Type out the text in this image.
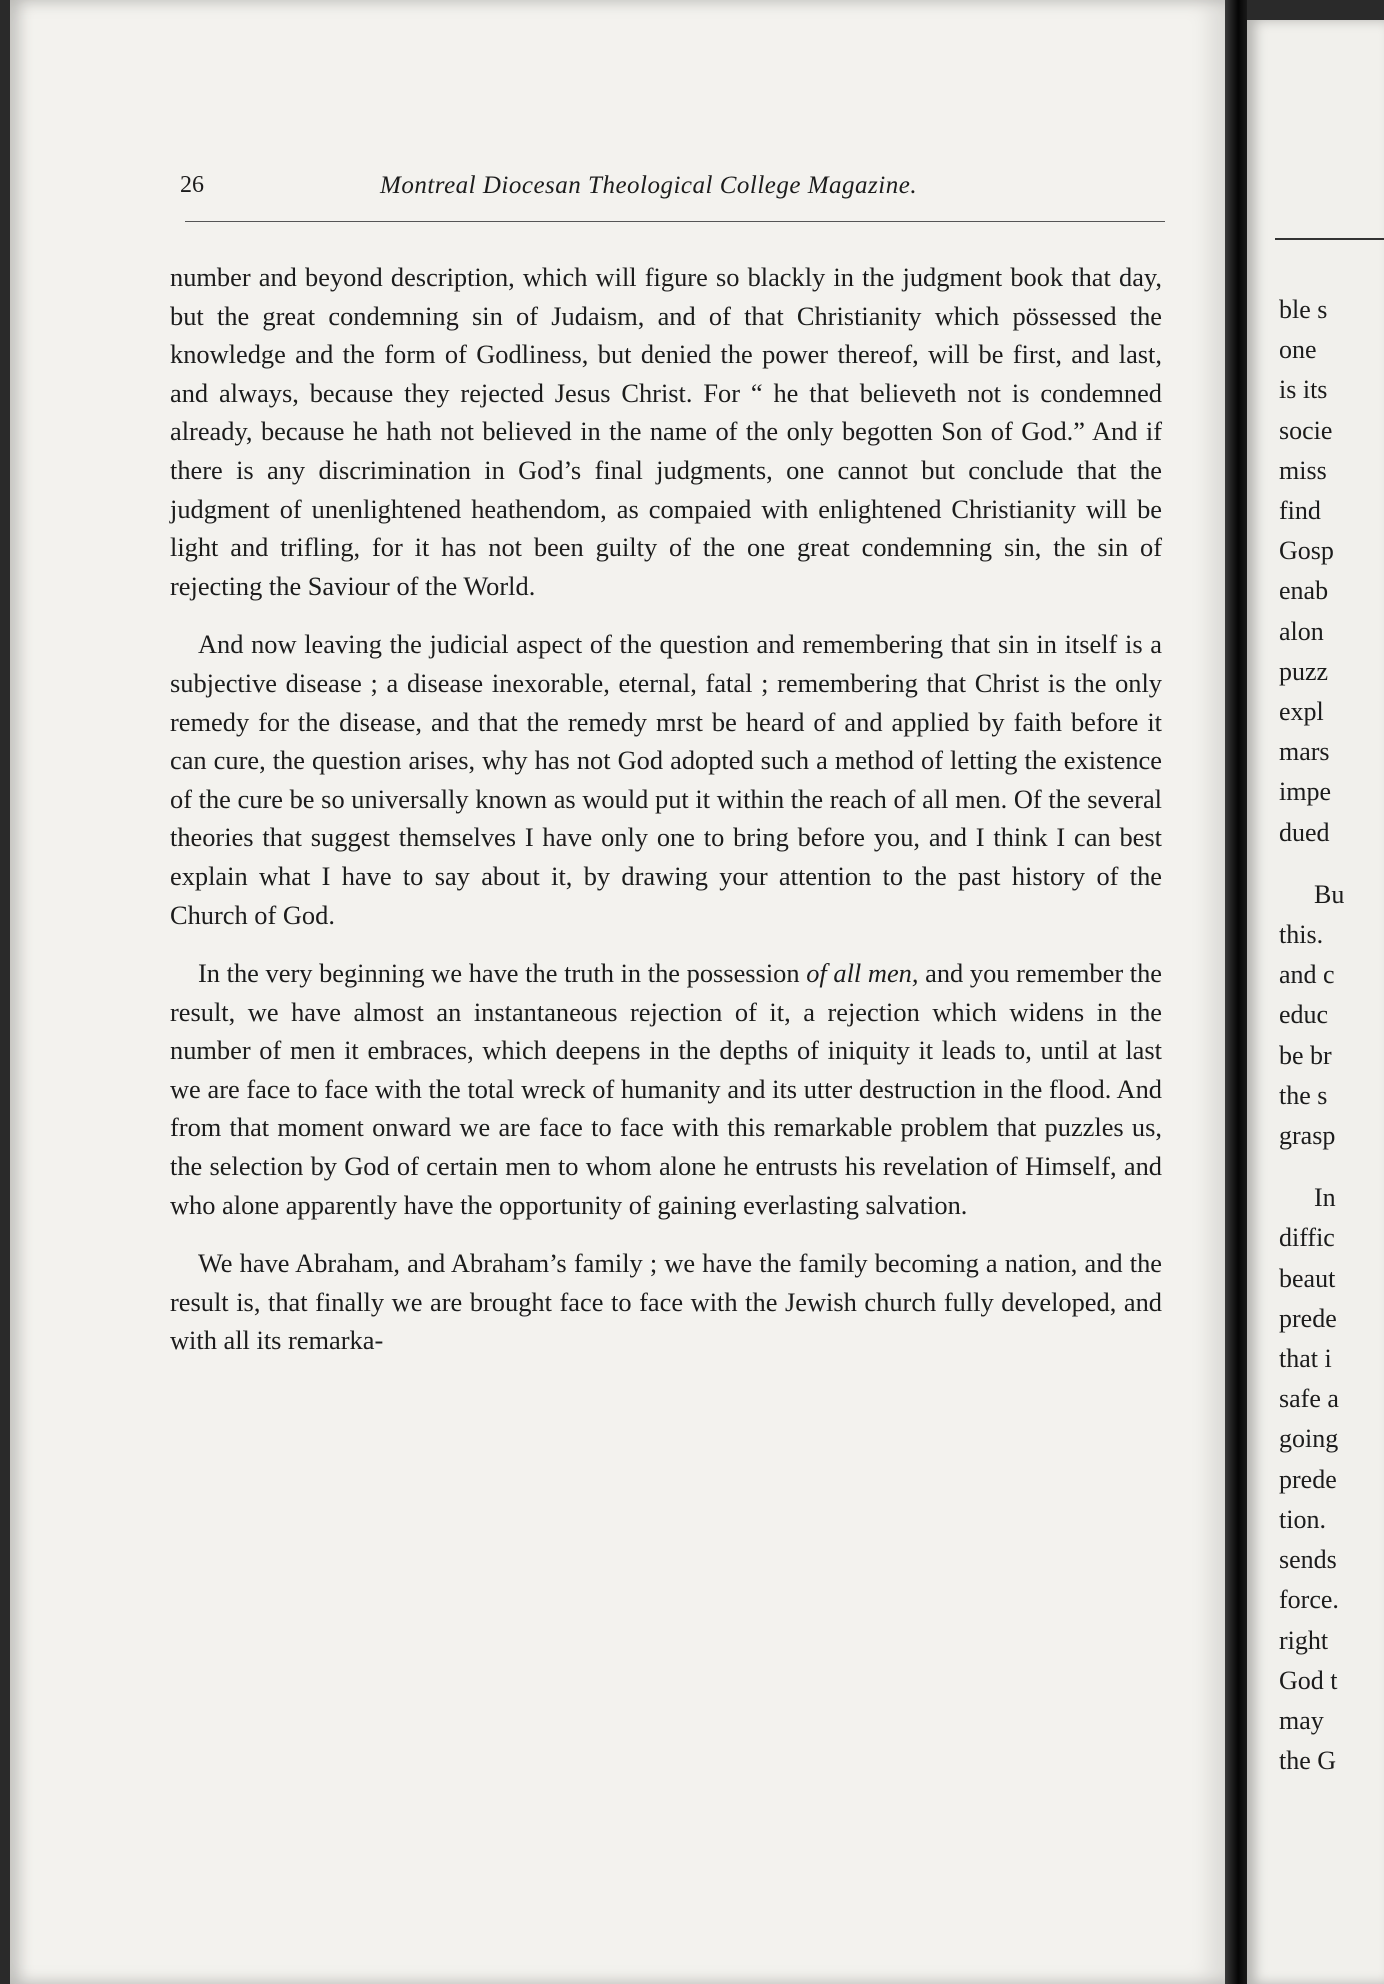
26	Montreal Diocesan Theological College Magazine.

number and beyond description, which will figure so blackly in the judgment book that day, but the great condemning sin of Judaism, and of that Christianity which pössessed the knowledge and the form of Godliness, but denied the power thereof, will be first, and last, and always, because they rejected Jesus Christ. For “ he that believeth not is condemned already, because he hath not believed in the name of the only begotten Son of God.” And if there is any discrimination in God’s final judgments, one cannot but conclude that the judgment of unenlightened heathendom, as compaied with enlightened Christianity will be light and trifling, for it has not been guilty of the one great condemning sin, the sin of rejecting the Saviour of the World.

And now leaving the judicial aspect of the question and remembering that sin in itself is a subjective disease ; a disease inexorable, eternal, fatal ; remembering that Christ is the only remedy for the disease, and that the remedy mrst be heard of and applied by faith before it can cure, the question arises, why has not God adopted such a method of letting the existence of the cure be so universally known as would put it within the reach of all men. Of the several theories that suggest themselves I have only one to bring before you, and I think I can best explain what I have to say about it, by drawing your attention to the past history of the Church of God.

In the very beginning we have the truth in the possession of all men, and you remember the result, we have almost an instantaneous rejection of it, a rejection which widens in the number of men it embraces, which deepens in the depths of iniquity it leads to, until at last we are face to face with the total wreck of humanity and its utter destruction in the flood. And from that moment onward we are face to face with this remarkable problem that puzzles us, the selection by God of certain men to whom alone he entrusts his revelation of Himself, and who alone apparently have the opportunity of gaining everlasting salvation.

We have Abraham, and Abraham’s family ; we have the family becoming a nation, and the result is, that finally we are brought face to face with the Jewish church fully developed, and with all its remarka-

ble s
one
is its
socie
miss
find
Gosp
enab
alon
puzz
expl
mars
impe
dued
Bu
this.
and c
educ
be br
the s
grasp
In
diffic
beaut
prede
that i
safe a
going
prede
tion.
sends
force.
right
God t
may
the G
